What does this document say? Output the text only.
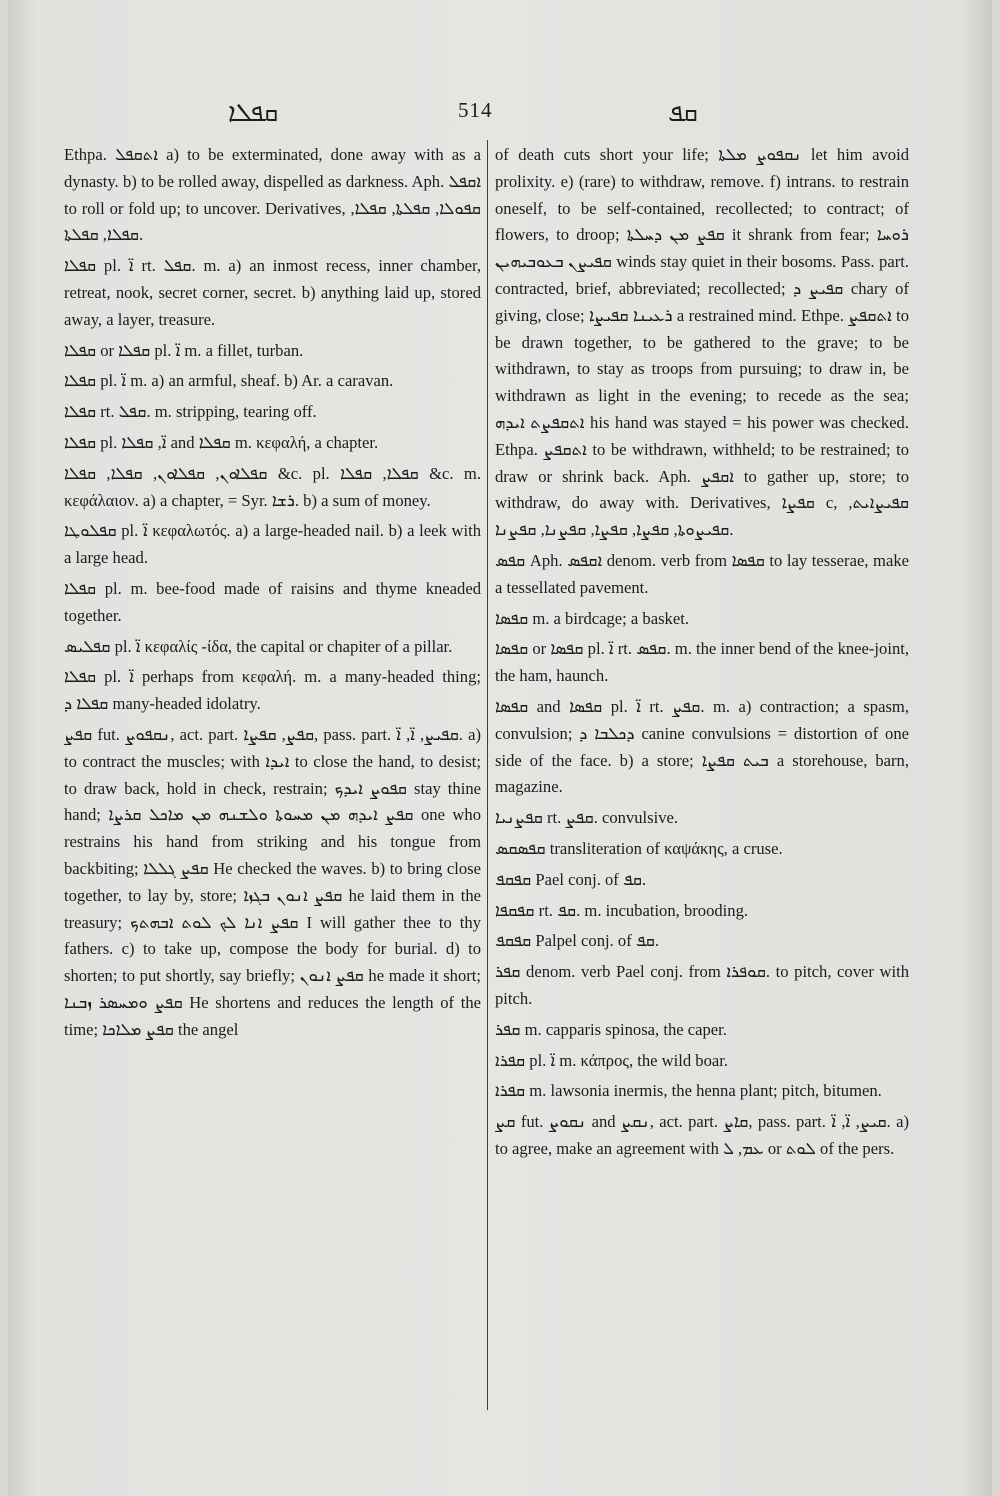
ܩܦܠܐ	514	ܩܦ

Ethpa. ܐܬܩܦܠ a) to be exterminated, done away with as a dynasty. b) to be rolled away, dispelled as darkness. Aph. ܐܩܦܠ to roll or fold up; to uncover. Derivatives, ܩܦܘܠܐ, ܩܦܠܬܐ, ܩܦܠܐ, ܩܦܠܐ, ܩܦܠܬܐ.

ܩܦܠܐ pl. ܐ̈ rt. ܩܦܠ. m. a) an inmost recess, inner chamber, retreat, nook, secret corner, secret. b) anything laid up, stored away, a layer, treasure.

ܩܦܠܐ or ܩܦܠܐ pl. ܐ̈ m. a fillet, turban.

ܩܦܠܐ pl. ܐ̈ m. a) an armful, sheaf. b) Ar. a caravan.

ܩܦܠܐ rt. ܩܦܠ. m. stripping, tearing off.

ܩܦܠܐ pl. ܐ̈, ܩܦܠܐ and ܩܦܠܐ m. κεφαλή, a chapter.

ܩܦܠܐܘܢ, ܩܦܠܐܘܢ, ܩܦܠܐ, ܩܦܠܐ &c. pl. ܩܦܠܐ, ܩܦܠܐ &c. m. κεφάλαιον. a) a chapter, = Syr. ܪܫܐ. b) a sum of money.

ܩܦܠܘܛܐ pl. ܐ̈ κεφαλωτός. a) a large-headed nail. b) a leek with a large head.

ܩܦܠܐ pl. m. bee-food made of raisins and thyme kneaded together.

ܩܦܠܝܣ pl. ܐ̈ κεφαλίς -ίδα, the capital or chapiter of a pillar.

ܩܦܠܐ pl. ܐ̈ perhaps from κεφαλή. m. a many-headed thing; ܩܦܠܐ ܕ many-headed idolatry.

ܩܦܨ fut. ܢܩܦܘܨ, act. part. ܩܦܨ, ܩܦܨܐ, pass. part. ܩܦܝܨ, ܐ̈, ܐ̈. a) to contract the muscles; with ܐܝܕܐ to close the hand, to desist; to draw back, hold in check, restrain; ܩܦܘܨ ܐܝܕܟ stay thine hand; ܩܦܨ ܐܝܕܗ ܡܢ ܡܚܘܬܐ ܘܠܫܢܗ ܡܢ ܡܐܟܠ ܩܪܨܐ one who restrains his hand from striking and his tongue from backbiting; ܩܦܨ ܓܠܠܐ He checked the waves. b) to bring close together, to lay by, store; ܩܦܨ ܐܢܘܢ ܒܓܙܐ he laid them in the treasury; ܩܦܨ ܐܢܐ ܠܟ ܠܘܬ ܐܒܗܬܟ I will gather thee to thy fathers. c) to take up, compose the body for burial. d) to shorten; to put shortly, say briefly; ܩܦܨ ܐܢܘܢ he made it short; ܩܦܨ ܘܡܚܣܪ ܙܒܢܐ He shortens and reduces the length of the time; ܩܦܨ ܡܠܐܟܐ the angel

of death cuts short your life; ܢܩܦܘܨ ܡܠܬܐ let him avoid prolixity. e) (rare) to withdraw, remove. f) intrans. to restrain oneself, to be self-contained, recollected; to contract; of flowers, to droop; ܩܦܨ ܡܢ ܕܚܠܬܐ it shrank from fear; ܪܘܚܐ ܩܦܝܨܢ ܒܥܘܒܝܗܝܢ winds stay quiet in their bosoms. Pass. part. contracted, brief, abbreviated; recollected; ܩܦܝܨ ܕ chary of giving, close; ܪܥܝܢܐ ܩܦܝܨܐ a restrained mind. Ethpe. ܐܬܩܦܨ to be drawn together, to be gathered to the grave; to be withdrawn, to stay as troops from pursuing; to draw in, be withdrawn as light in the evening; to recede as the sea; ܐܬܩܦܨܬ ܐܝܕܗ his hand was stayed = his power was checked. Ethpa. ܐܬܩܦܨ to be withdrawn, withheld; to be restrained; to draw or shrink back. Aph. ܐܩܦܨ to gather up, store; to withdraw, do away with. Derivatives, ܩܦܨܐ c, ܩܦܝܨܐܝܬ, ܩܦܝܨܘܬܐ, ܩܦܨܐ, ܩܦܨܐ, ܩܦܨܢܐ, ܩܦܨܢܐ.

ܩܦܣ Aph. ܐܩܦܣ denom. verb from ܩܦܣܐ to lay tesserae, make a tessellated pavement.

ܩܦܣܐ m. a birdcage; a basket.

ܩܦܣܐ or ܩܦܣܐ pl. ܐ̈ rt. ܩܦܣ. m. the inner bend of the knee-joint, the ham, haunch.

ܩܦܣܐ and ܩܦܣܐ pl. ܐ̈ rt. ܩܦܨ. m. a) contraction; a spasm, convulsion; ܕܟܠܒܐ ܕ canine convulsions = distortion of one side of the face. b) a store; ܒܝܬ ܩܦܨܐ a storehouse, barn, magazine.

ܩܦܨܢܝܐ rt. ܩܦܨ. convulsive.

ܩܦܣܩܣ transliteration of καψάκης, a cruse.

ܩܦܩܦ Pael conj. of ܩܦ.

ܩܦܩܦܐ rt. ܩܦ. m. incubation, brooding.

ܩܦܩܦ Palpel conj. of ܩܦ.

ܩܦܪ denom. verb Pael conj. from ܩܘܦܪܐ. to pitch, cover with pitch.

ܩܦܪ m. capparis spinosa, the caper.

ܩܦܪܐ pl. ܐ̈ m. κάπρος, the wild boar.

ܩܦܪܐ m. lawsonia inermis, the henna plant; pitch, bitumen.

ܩܨ fut. ܢܩܘܨ and ܢܩܨ, act. part. ܩܐܨ, pass. part. ܩܝܨ, ܐ̈, ܐ̈. a) to agree, make an agreement with ܥܡ, ܠ or ܠܘܬ of the pers.
